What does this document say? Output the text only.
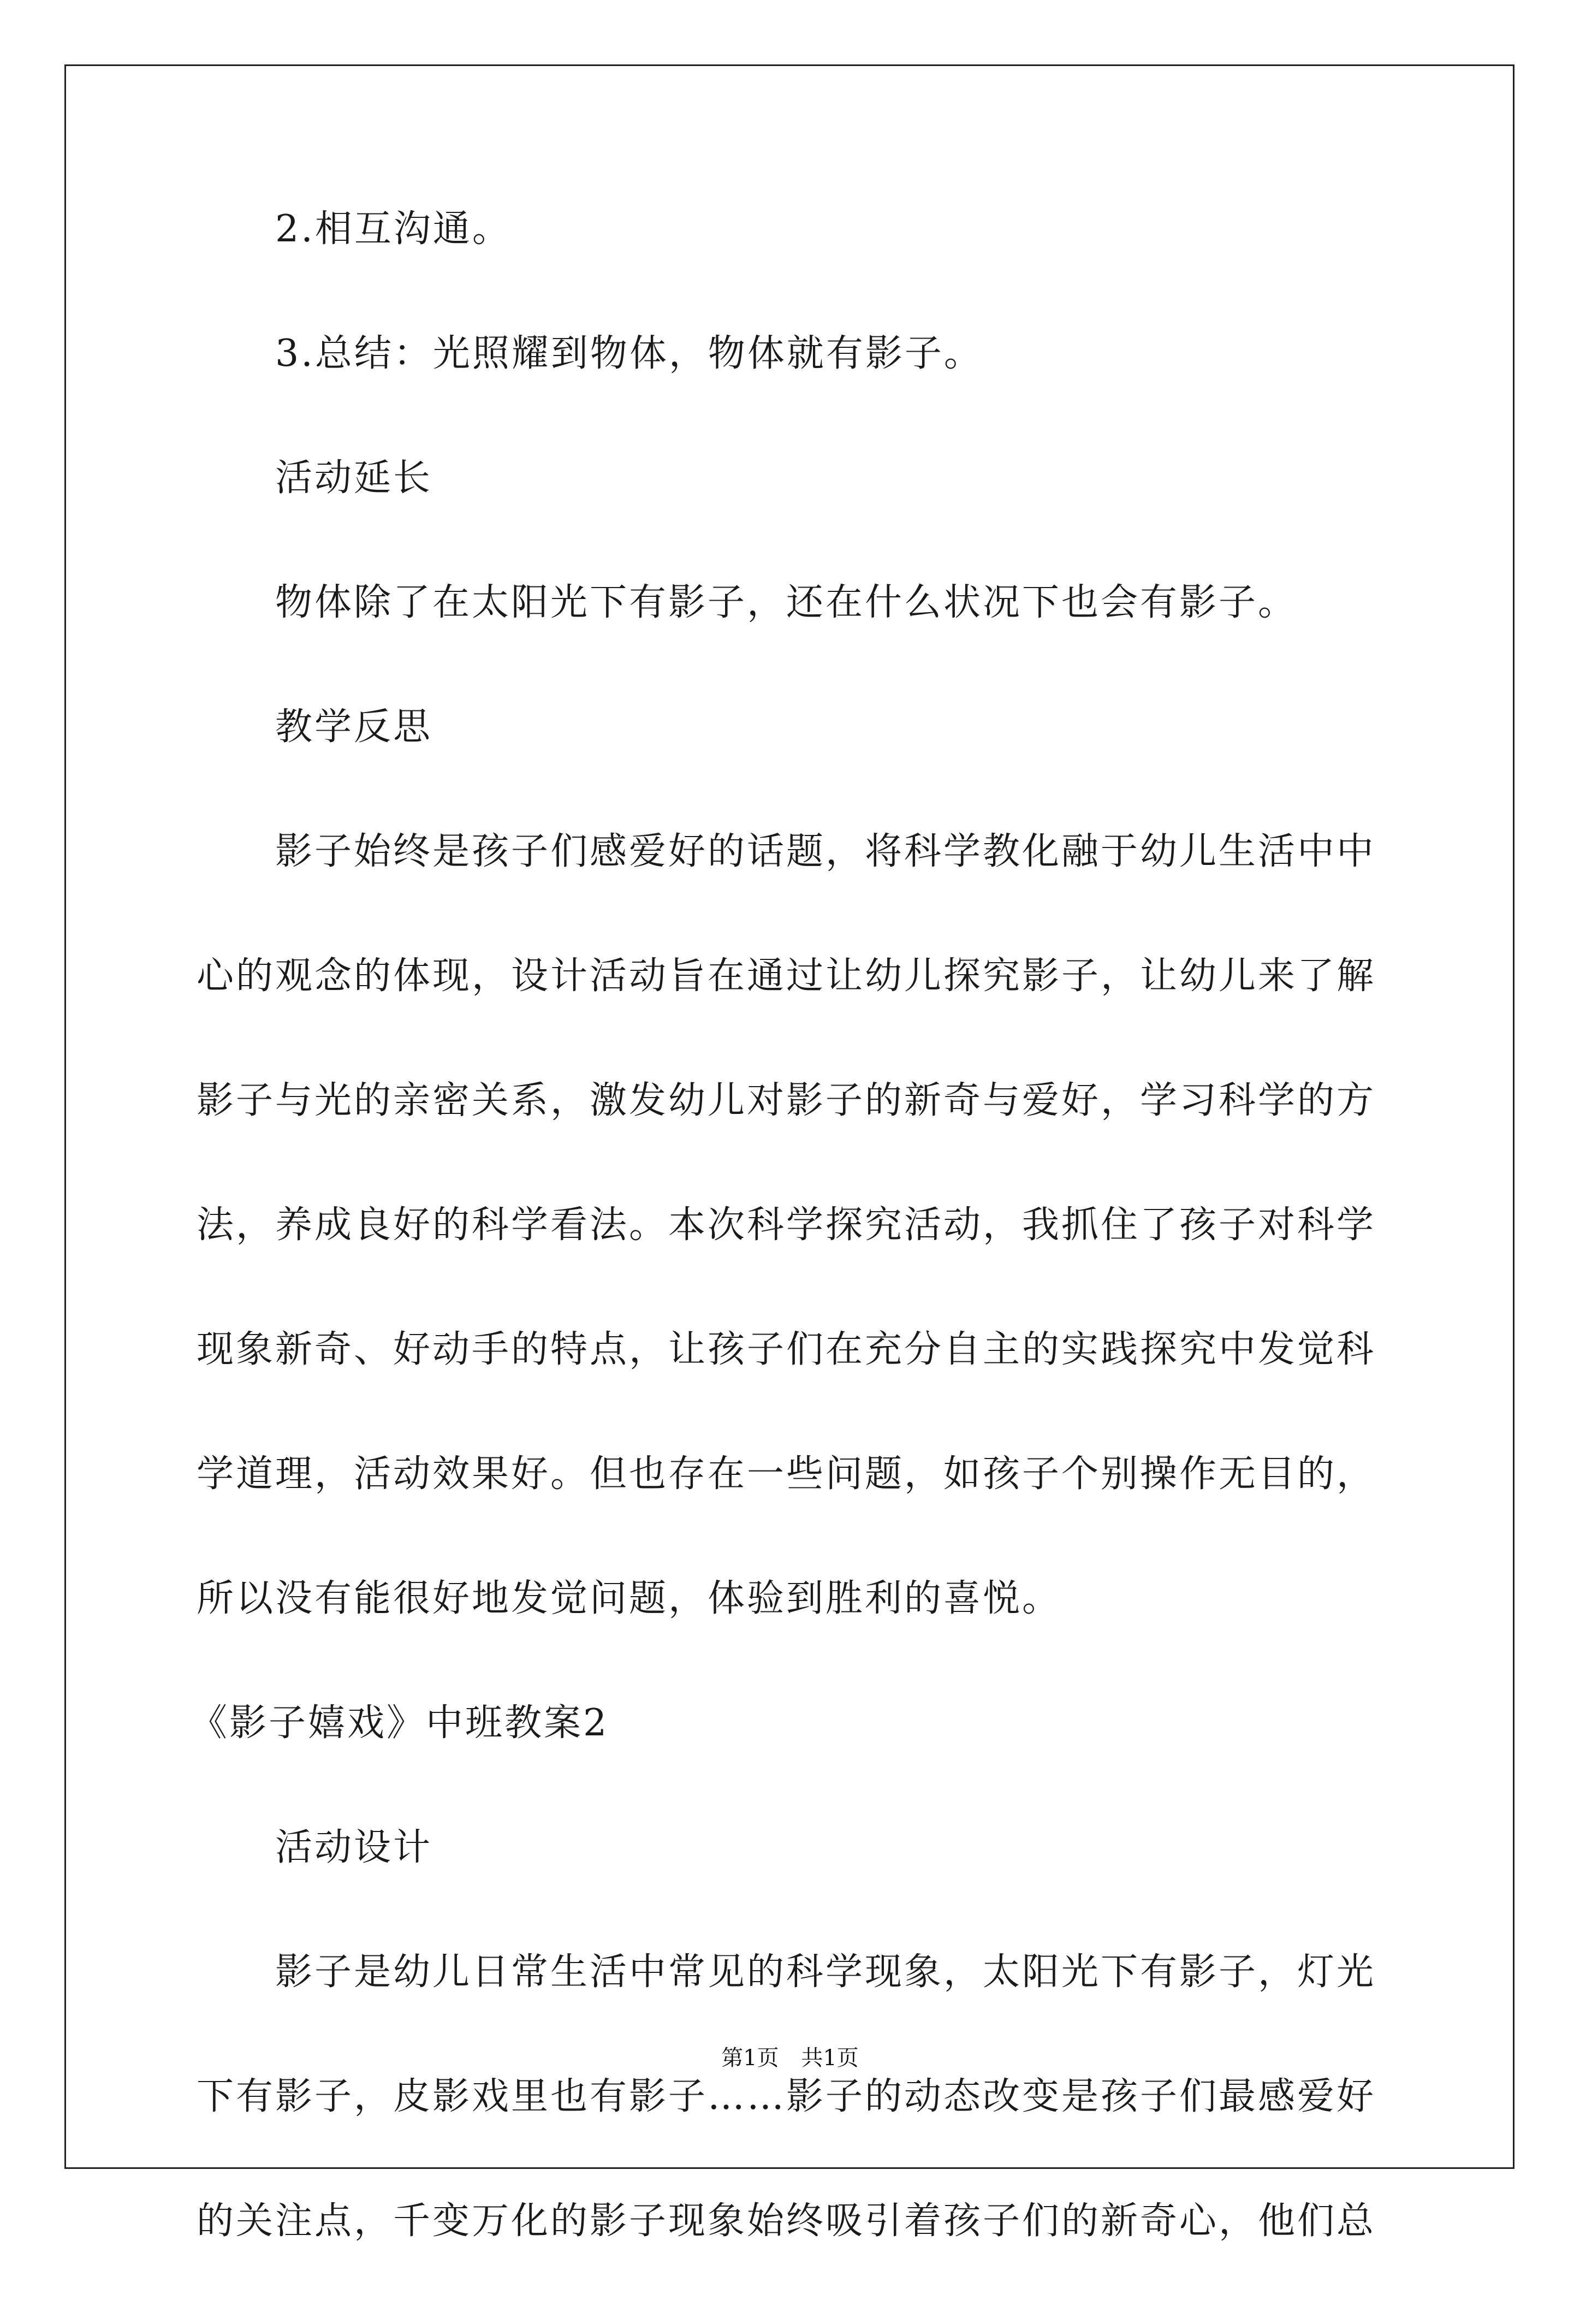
2.相互沟通。
3.总结：光照耀到物体，物体就有影子。
活动延长
物体除了在太阳光下有影子，还在什么状况下也会有影子。
教学反思
影子始终是孩子们感爱好的话题，将科学教化融于幼儿生活中中
心的观念的体现，设计活动旨在通过让幼儿探究影子，让幼儿来了解
影子与光的亲密关系，激发幼儿对影子的新奇与爱好，学习科学的方
法，养成良好的科学看法。本次科学探究活动，我抓住了孩子对科学
现象新奇、好动手的特点，让孩子们在充分自主的实践探究中发觉科
学道理，活动效果好。但也存在一些问题，如孩子个别操作无目的，
所以没有能很好地发觉问题，体验到胜利的喜悦。
《影子嬉戏》中班教案2
活动设计
影子是幼儿日常生活中常见的科学现象，太阳光下有影子，灯光
下有影子，皮影戏里也有影子……影子的动态改变是孩子们最感爱好
的关注点，千变万化的影子现象始终吸引着孩子们的新奇心，他们总
第1页 共1页
